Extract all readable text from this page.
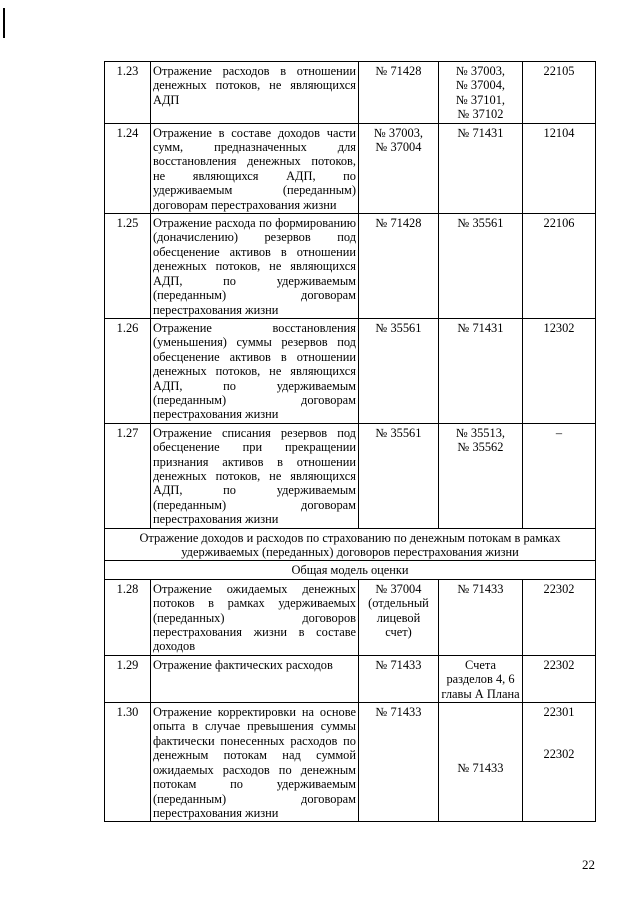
1.23	Отражение расходов в отношении денежных потоков, не являющихся АДП	№ 71428	№ 37003,
№ 37004,
№ 37101,
№ 37102	22105
1.24	Отражение в составе доходов части сумм, предназначенных для восстановления денежных потоков, не являющихся АДП, по удерживаемым (переданным) договорам перестрахования жизни	№ 37003,
№ 37004	№ 71431	12104
1.25	Отражение расхода по формированию (доначислению) резервов под обесценение активов в отношении денежных потоков, не являющихся АДП, по удерживаемым (переданным) договорам перестрахования жизни	№ 71428	№ 35561	22106
1.26	Отражение восстановления (уменьшения) суммы резервов под обесценение активов в отношении денежных потоков, не являющихся АДП, по удерживаемым (переданным) договорам перестрахования жизни	№ 35561	№ 71431	12302
1.27	Отражение списания резервов под обесценение при прекращении признания активов в отношении денежных потоков, не являющихся АДП, по удерживаемым (переданным) договорам перестрахования жизни	№ 35561	№ 35513,
№ 35562	–
Отражение доходов и расходов по страхованию по денежным потокам в рамках удерживаемых (переданных) договоров перестрахования жизни				
Общая модель оценки				
1.28	Отражение ожидаемых денежных потоков в рамках удерживаемых (переданных) договоров перестрахования жизни в составе доходов	№ 37004
(отдельный
лицевой
счет)	№ 71433	22302
1.29	Отражение фактических расходов	№ 71433	Счета
разделов 4, 6
главы А Плана	22302
1.30	Отражение корректировки на основе опыта в случае превышения суммы фактически понесенных расходов по денежным потокам над суммой ожидаемых расходов по денежным потокам по удерживаемым (переданным) договорам перестрахования жизни	№ 71433	№ 71433	22301
22302
22
